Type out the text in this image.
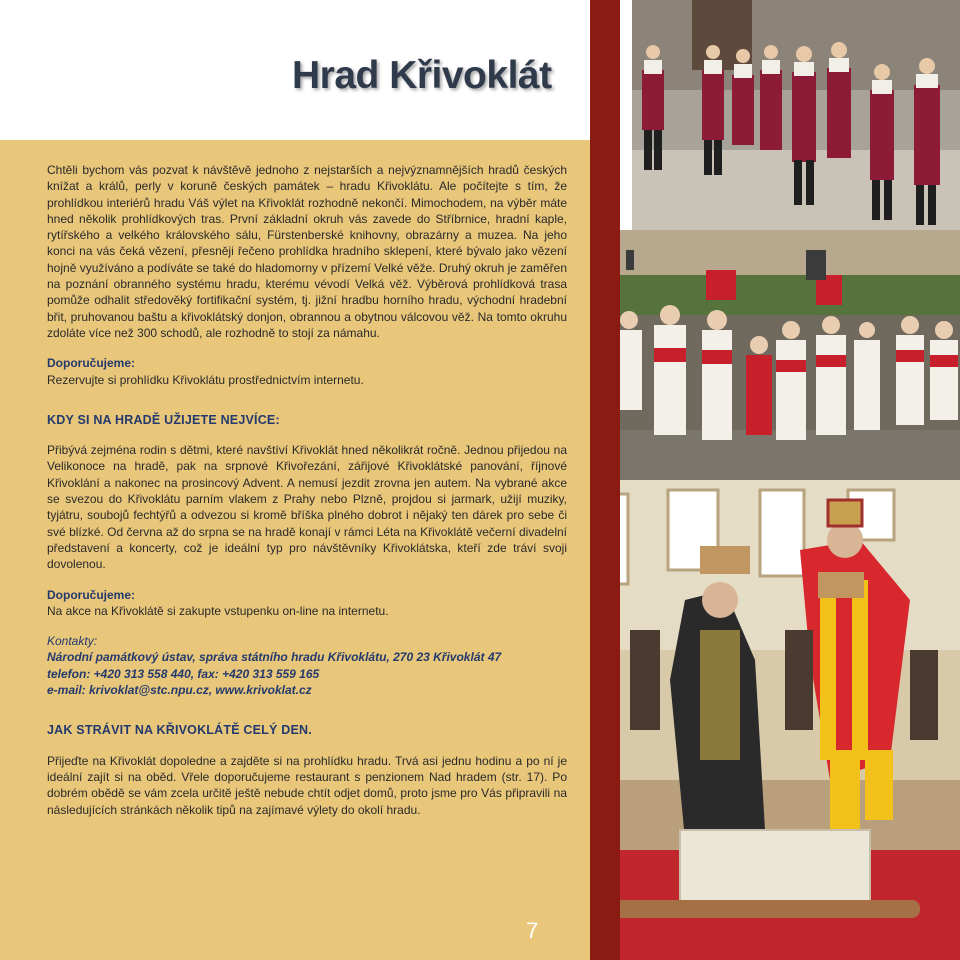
Hrad Křivoklát

Chtěli bychom vás pozvat k návštěvě jednoho z nejstarších a nejvýznamnějších hradů českých knížat a králů, perly v koruně českých památek – hradu Křivoklátu. Ale počítejte s tím, že prohlídkou interiérů hradu Váš výlet na Křivoklát rozhodně nekončí. Mimochodem, na výběr máte hned několik prohlídkových tras. První základní okruh vás zavede do Stříbrnice, hradní kaple, rytířského a velkého královského sálu, Fürstenberské knihovny, obrazárny a muzea. Na jeho konci na vás čeká vězení, přesněji řečeno prohlídka hradního sklepení, které bývalo jako vězení hojně využíváno a podíváte se také do hladomorny v přízemí Velké věže. Druhý okruh je zaměřen na poznání obranného systému hradu, kterému vévodí Velká věž. Výběrová prohlídková trasa pomůže odhalit středověký fortifikační systém, tj. jižní hradbu horního hradu, východní hradební břit, pruhovanou baštu a křivoklátský donjon, obrannou a obytnou válcovou věž. Na tomto okruhu zdoláte více než 300 schodů, ale rozhodně to stojí za námahu.

Doporučujeme:
Rezervujte si prohlídku Křivoklátu prostřednictvím internetu.

KDY SI NA HRADĚ UŽIJETE NEJVÍCE:

Přibývá zejména rodin s dětmi, které navštíví Křivoklát hned několikrát ročně. Jednou přijedou na Velikonoce na hradě, pak na srpnové Křivořezání, zářijové Křivoklátské panování, říjnové Křivoklání a nakonec na prosincový Advent. A nemusí jezdit zrovna jen autem. Na vybrané akce se svezou do Křivoklátu parním vlakem z Prahy nebo Plzně, projdou si jarmark, užijí muziky, tyjátru, soubojů fechtýřů a odvezou si kromě bříška plného dobrot i nějaký ten dárek pro sebe či své blízké. Od června až do srpna se na hradě konají v rámci Léta na Křivoklátě večerní divadelní představení a koncerty, což je ideální typ pro návštěvníky Křivoklátska, kteří zde tráví svoji dovolenou.

Doporučujeme:
Na akce na Křivoklátě si zakupte vstupenku on-line na internetu.

Kontakty:
Národní památkový ústav, správa státního hradu Křivoklátu, 270 23 Křivoklát 47
telefon: +420 313 558 440, fax: +420 313 559 165
e-mail: krivoklat@stc.npu.cz, www.krivoklat.cz

JAK STRÁVIT NA KŘIVOKLÁTĚ CELÝ DEN.

Přijeďte na Křivoklát dopoledne a zajděte si na prohlídku hradu. Trvá asi jednu hodinu a po ní je ideální zajít si na oběd. Vřele doporučujeme restaurant s penzionem Nad hradem (str. 17). Po dobrém obědě se vám zcela určitě ještě nebude chtít odjet domů, proto jsme pro Vás připravili na následujících stránkách několik tipů na zajímavé výlety do okolí hradu.

7
